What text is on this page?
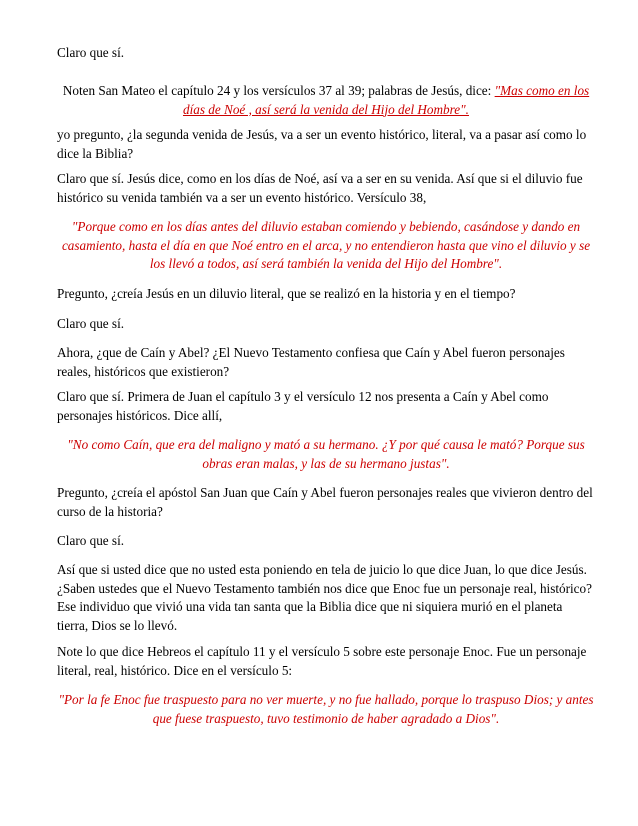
Claro que sí.

Noten San Mateo el capítulo 24 y los versículos 37 al 39; palabras de Jesús, dice: "Mas como en los días de Noé , así será la venida del Hijo del Hombre".

yo pregunto, ¿la segunda venida de Jesús, va a ser un evento histórico, literal, va a pasar así como lo dice la Biblia?

Claro que sí. Jesús dice, como en los días de Noé, así va a ser en su venida. Así que si el diluvio fue histórico su venida también va a ser un evento histórico. Versículo 38,

"Porque como en los días antes del diluvio estaban comiendo y bebiendo, casándose y dando en casamiento, hasta el día en que Noé entro en el arca, y no entendieron hasta que vino el diluvio y se los llevó a todos, así será también la venida del Hijo del Hombre".

Pregunto, ¿creía Jesús en un diluvio literal, que se realizó en la historia y en el tiempo?

Claro que sí.

Ahora, ¿que de Caín y Abel? ¿El Nuevo Testamento confiesa que Caín y Abel fueron personajes reales, históricos que existieron?

Claro que sí. Primera de Juan el capítulo 3 y el versículo 12 nos presenta a Caín y Abel como personajes históricos. Dice allí,

"No como Caín, que era del maligno y mató a su hermano. ¿Y por qué causa le mató? Porque sus obras eran malas, y las de su hermano justas".

Pregunto, ¿creía el apóstol San Juan que Caín y Abel fueron personajes reales que vivieron dentro del curso de la historia?

Claro que sí.

Así que si usted dice que no usted esta poniendo en tela de juicio lo que dice Juan, lo que dice Jesús. ¿Saben ustedes que el Nuevo Testamento también nos dice que Enoc fue un personaje real, histórico? Ese individuo que vivió una vida tan santa que la Biblia dice que ni siquiera murió en el planeta tierra, Dios se lo llevó.

Note lo que dice Hebreos el capítulo 11 y el versículo 5 sobre este personaje Enoc. Fue un personaje literal, real, histórico. Dice en el versículo 5:

"Por la fe Enoc fue traspuesto para no ver muerte, y no fue hallado, porque lo traspuso Dios; y antes que fuese traspuesto, tuvo testimonio de haber agradado a Dios".
